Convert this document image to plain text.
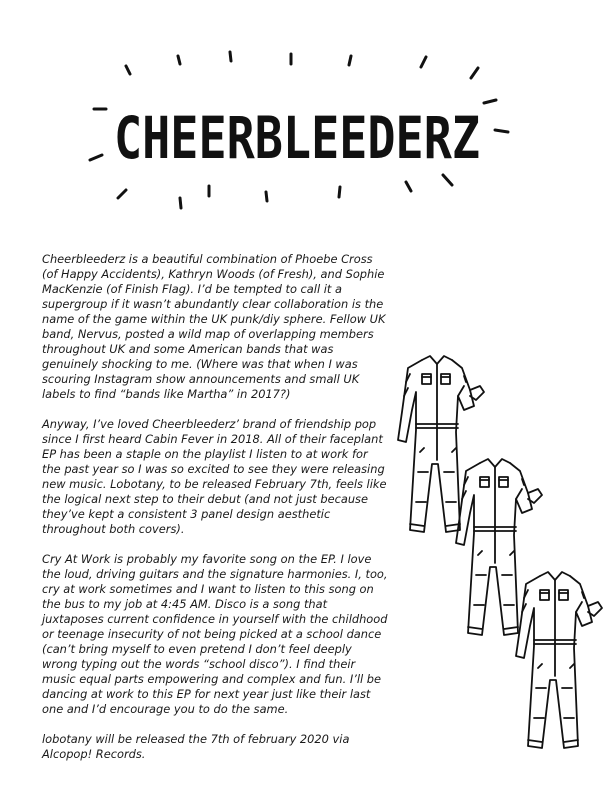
CHEERBLEEDERZ

Cheerbleederz is a beautiful combination of Phoebe Cross
(of Happy Accidents), Kathryn Woods (of Fresh), and Sophie
MacKenzie (of Finish Flag). I’d be tempted to call it a
supergroup if it wasn’t abundantly clear collaboration is the
name of the game within the UK punk/diy sphere. Fellow UK
band, Nervus, posted a wild map of overlapping members
throughout UK and some American bands that was
genuinely shocking to me. (Where was that when I was
scouring Instagram show announcements and small UK
labels to find “bands like Martha” in 2017?)

Anyway, I’ve loved Cheerbleederz’ brand of friendship pop
since I first heard Cabin Fever in 2018. All of their faceplant
EP has been a staple on the playlist I listen to at work for
the past year so I was so excited to see they were releasing
new music. Lobotany, to be released February 7th, feels like
the logical next step to their debut (and not just because
they’ve kept a consistent 3 panel design aesthetic
throughout both covers).

Cry At Work is probably my favorite song on the EP. I love
the loud, driving guitars and the signature harmonies. I, too,
cry at work sometimes and I want to listen to this song on
the bus to my job at 4:45 AM. Disco is a song that
juxtaposes current confidence in yourself with the childhood
or teenage insecurity of not being picked at a school dance
(can’t bring myself to even pretend I don’t feel deeply
wrong typing out the words “school disco”). I find their
music equal parts empowering and complex and fun. I’ll be
dancing at work to this EP for next year just like their last
one and I’d encourage you to do the same.

lobotany will be released the 7th of february 2020 via
Alcopop! Records.
